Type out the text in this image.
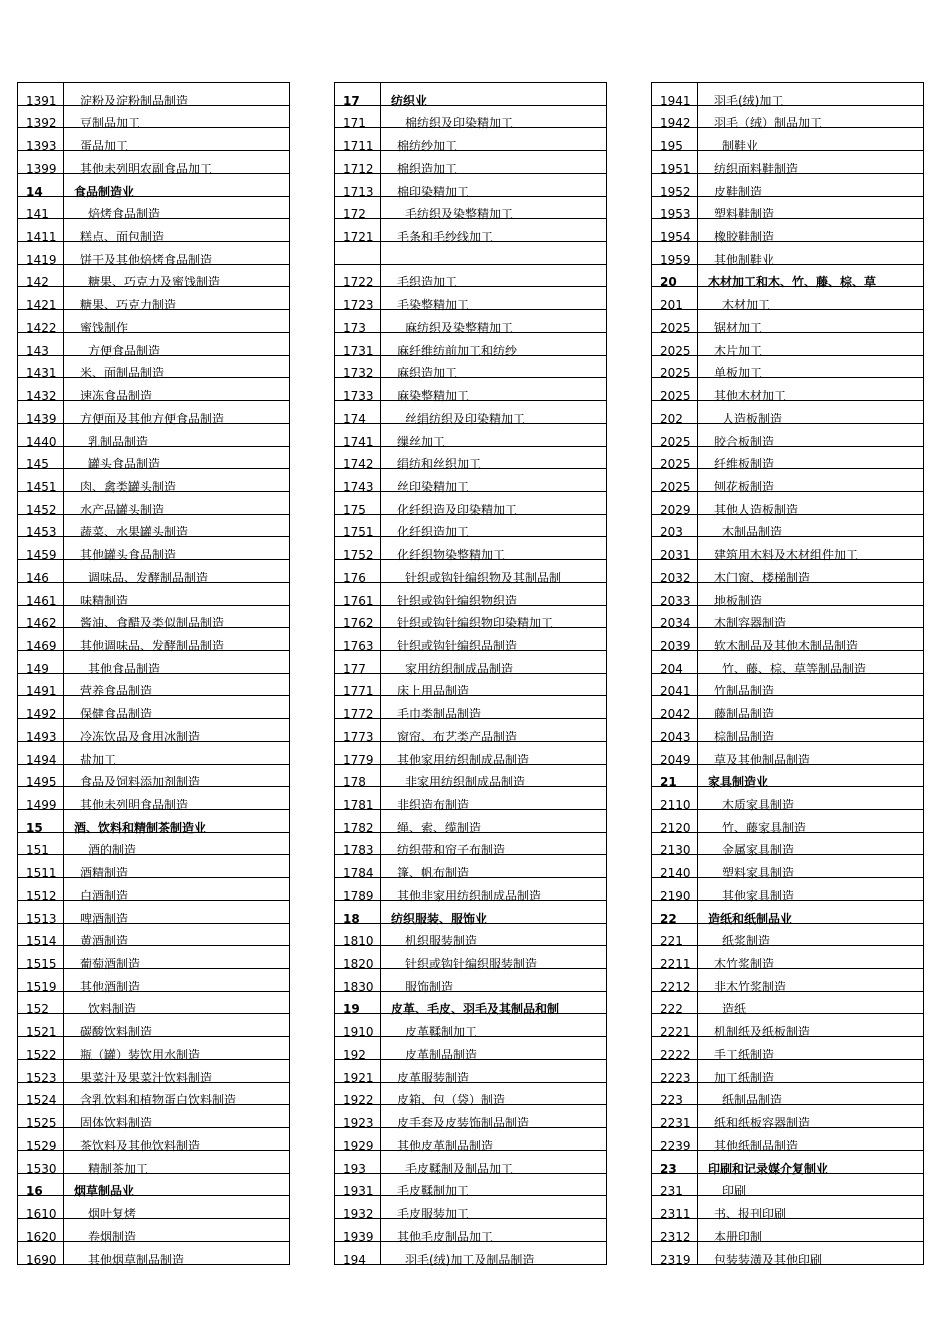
1391 淀粉及淀粉制品制造
1392 豆制品加工
1393 蛋品加工
1399 其他未列明农副食品加工
14	食品制造业
141	焙烤食品制造
1411 糕点、面包制造
1419 饼干及其他焙烤食品制造
142	糖果、巧克力及蜜饯制造
1421 糖果、巧克力制造
1422 蜜饯制作
143	方便食品制造
1431 米、面制品制造
1432 速冻食品制造
1439 方便面及其他方便食品制造
1440	乳制品制造
145	罐头食品制造
1451 肉、禽类罐头制造
1452 水产品罐头制造
1453 蔬菜、水果罐头制造
1459 其他罐头食品制造
146	调味品、发酵制品制造
1461 味精制造
1462 酱油、食醋及类似制品制造
1469 其他调味品、发酵制品制造
149	其他食品制造
1491 营养食品制造
1492 保健食品制造
1493 冷冻饮品及食用冰制造
1494 盐加工
1495 食品及饲料添加剂制造
1499 其他未列明食品制造
15	酒、饮料和精制茶制造业
151	酒的制造
1511 酒精制造
1512 白酒制造
1513 啤酒制造
1514 黄酒制造
1515 葡萄酒制造
1519 其他酒制造
152	饮料制造
1521 碳酸饮料制造
1522 瓶（罐）装饮用水制造
1523 果菜汁及果菜汁饮料制造
1524 含乳饮料和植物蛋白饮料制造
1525 固体饮料制造
1529 茶饮料及其他饮料制造
1530	精制茶加工
16	烟草制品业
1610	烟叶复烤
1620	卷烟制造
1690	其他烟草制品制造
17	纺织业
171	棉纺织及印染精加工
1711 棉纺纱加工
1712 棉织造加工
1713 棉印染精加工
172	毛纺织及染整精加工
1721 毛条和毛纱线加工
1722 毛织造加工
1723 毛染整精加工
173	麻纺织及染整精加工
1731 麻纤维纺前加工和纺纱
1732 麻织造加工
1733 麻染整精加工
174	丝绢纺织及印染精加工
1741 缫丝加工
1742 绢纺和丝织加工
1743 丝印染精加工
175	化纤织造及印染精加工
1751 化纤织造加工
1752 化纤织物染整精加工
176	针织或钩针编织物及其制品制
1761 针织或钩针编织物织造
1762 针织或钩针编织物印染精加工
1763 针织或钩针编织品制造
177	家用纺织制成品制造
1771 床上用品制造
1772 毛巾类制品制造
1773 窗帘、布艺类产品制造
1779 其他家用纺织制成品制造
178	非家用纺织制成品制造
1781 非织造布制造
1782 绳、索、缆制造
1783 纺织带和帘子布制造
1784 篷、帆布制造
1789 其他非家用纺织制成品制造
18	纺织服装、服饰业
1810	机织服装制造
1820	针织或钩针编织服装制造
1830	服饰制造
19	皮革、毛皮、羽毛及其制品和制
1910	皮革鞣制加工
192	皮革制品制造
1921 皮革服装制造
1922 皮箱、包（袋）制造
1923 皮手套及皮装饰制品制造
1929 其他皮革制品制造
193	毛皮鞣制及制品加工
1931 毛皮鞣制加工
1932 毛皮服装加工
1939 其他毛皮制品加工
194	羽毛(绒)加工及制品制造
1941 羽毛(绒)加工
1942 羽毛（绒）制品加工
195	制鞋业
1951 纺织面料鞋制造
1952 皮鞋制造
1953 塑料鞋制造
1954 橡胶鞋制造
1959 其他制鞋业
20	木材加工和木、竹、藤、棕、草
201	木材加工
2025 锯材加工
2025 木片加工
2025 单板加工
2025 其他木材加工
202	人造板制造
2025 胶合板制造
2025 纤维板制造
2025 刨花板制造
2029 其他人造板制造
203	木制品制造
2031 建筑用木料及木材组件加工
2032 木门窗、楼梯制造
2033 地板制造
2034 木制容器制造
2039 软木制品及其他木制品制造
204	竹、藤、棕、草等制品制造
2041 竹制品制造
2042 藤制品制造
2043 棕制品制造
2049 草及其他制品制造
21	家具制造业
2110	木质家具制造
2120	竹、藤家具制造
2130	金属家具制造
2140	塑料家具制造
2190	其他家具制造
22	造纸和纸制品业
221	纸浆制造
2211 木竹浆制造
2212 非木竹浆制造
222	造纸
2221 机制纸及纸板制造
2222 手工纸制造
2223 加工纸制造
223	纸制品制造
2231 纸和纸板容器制造
2239 其他纸制品制造
23	印刷和记录媒介复制业
231	印刷
2311 书、报刊印刷
2312 本册印制
2319 包装装潢及其他印刷
